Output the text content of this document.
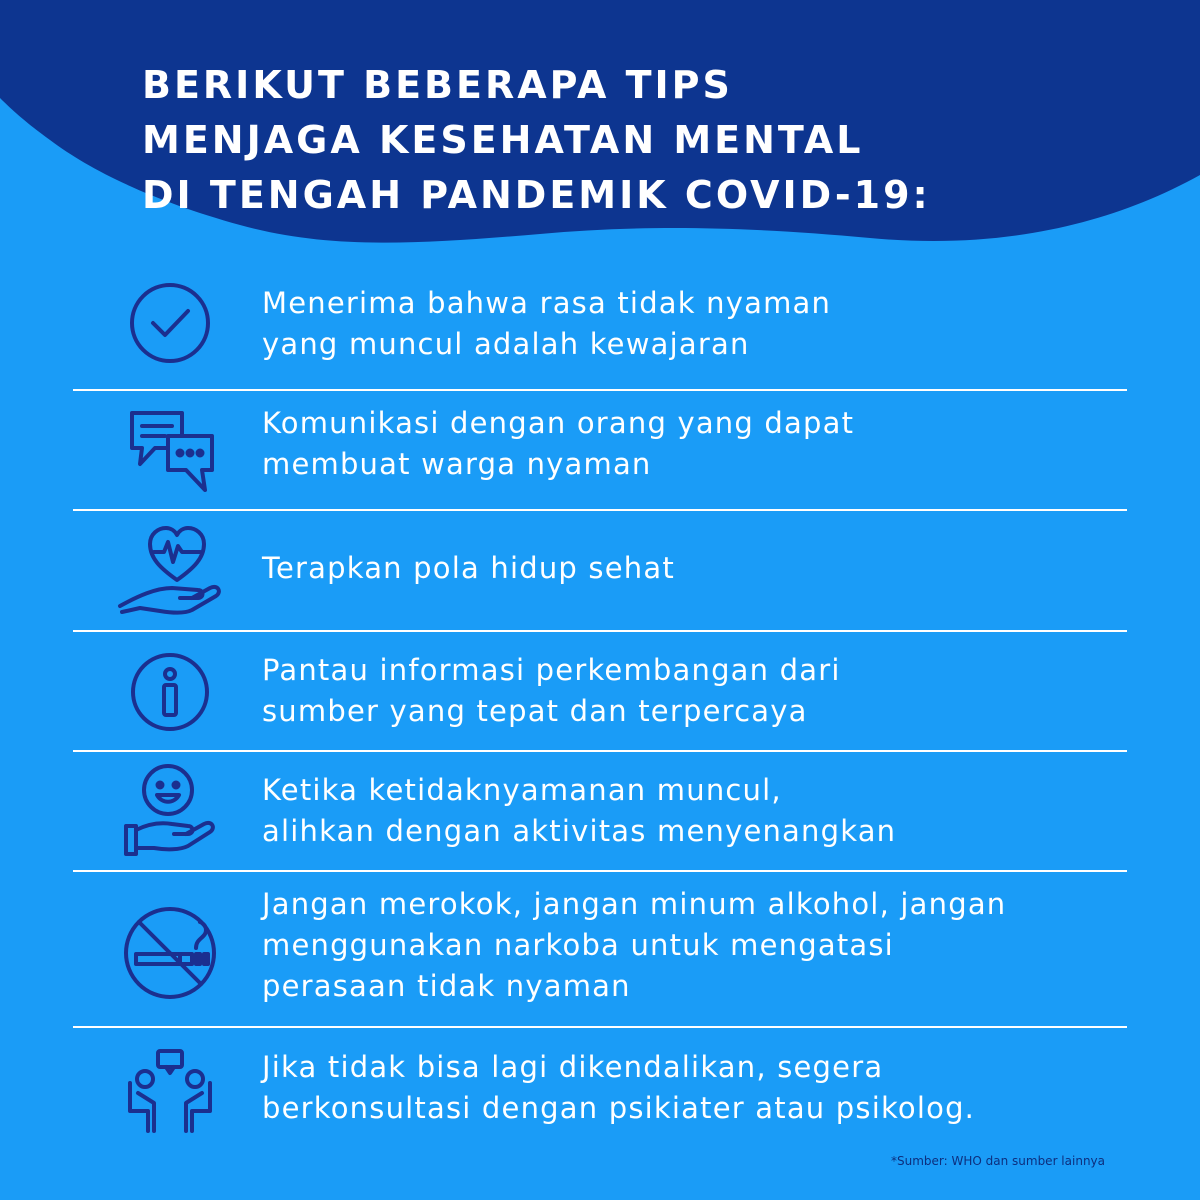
BERIKUT BEBERAPA TIPS
MENJAGA KESEHATAN MENTAL
DI TENGAH PANDEMIK COVID-19:
Menerima bahwa rasa tidak nyaman
yang muncul adalah kewajaran
Komunikasi dengan orang yang dapat
membuat warga nyaman
Terapkan pola hidup sehat
Pantau informasi perkembangan dari
sumber yang tepat dan terpercaya
Ketika ketidaknyamanan muncul,
alihkan dengan aktivitas menyenangkan
Jangan merokok, jangan minum alkohol, jangan
menggunakan narkoba untuk mengatasi
perasaan tidak nyaman
Jika tidak bisa lagi dikendalikan, segera
berkonsultasi dengan psikiater atau psikolog.
*Sumber: WHO dan sumber lainnya
